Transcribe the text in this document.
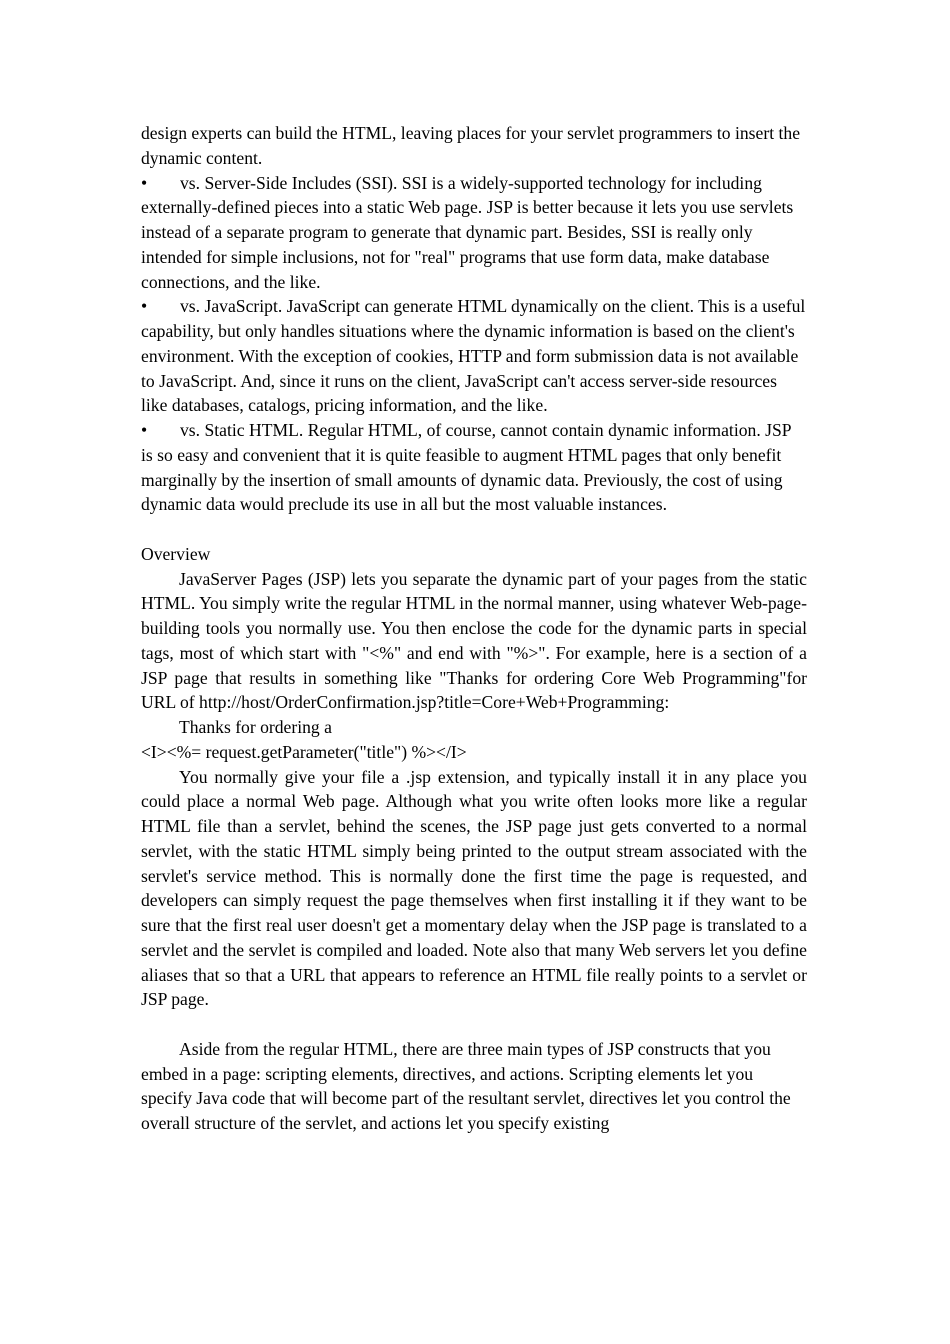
design experts can build the HTML, leaving places for your servlet programmers to insert the dynamic content.

• vs. Server-Side Includes (SSI). SSI is a widely-supported technology for including externally-defined pieces into a static Web page. JSP is better because it lets you use servlets instead of a separate program to generate that dynamic part. Besides, SSI is really only intended for simple inclusions, not for "real" programs that use form data, make database connections, and the like.

• vs. JavaScript. JavaScript can generate HTML dynamically on the client. This is a useful capability, but only handles situations where the dynamic information is based on the client's environment. With the exception of cookies, HTTP and form submission data is not available to JavaScript. And, since it runs on the client, JavaScript can't access server-side resources like databases, catalogs, pricing information, and the like.

• vs. Static HTML. Regular HTML, of course, cannot contain dynamic information. JSP is so easy and convenient that it is quite feasible to augment HTML pages that only benefit marginally by the insertion of small amounts of dynamic data. Previously, the cost of using dynamic data would preclude its use in all but the most valuable instances.

Overview

JavaServer Pages (JSP) lets you separate the dynamic part of your pages from the static HTML. You simply write the regular HTML in the normal manner, using whatever Web-page-building tools you normally use. You then enclose the code for the dynamic parts in special tags, most of which start with "<%" and end with "%>". For example, here is a section of a JSP page that results in something like "Thanks for ordering Core Web Programming"for URL of http://host/OrderConfirmation.jsp?title=Core+Web+Programming:

Thanks for ordering a

<I><%= request.getParameter("title") %></I>

You normally give your file a .jsp extension, and typically install it in any place you could place a normal Web page. Although what you write often looks more like a regular HTML file than a servlet, behind the scenes, the JSP page just gets converted to a normal servlet, with the static HTML simply being printed to the output stream associated with the servlet's service method. This is normally done the first time the page is requested, and developers can simply request the page themselves when first installing it if they want to be sure that the first real user doesn't get a momentary delay when the JSP page is translated to a servlet and the servlet is compiled and loaded. Note also that many Web servers let you define aliases that so that a URL that appears to reference an HTML file really points to a servlet or JSP page.

Aside from the regular HTML, there are three main types of JSP constructs that you embed in a page: scripting elements, directives, and actions. Scripting elements let you specify Java code that will become part of the resultant servlet, directives let you control the overall structure of the servlet, and actions let you specify existing
